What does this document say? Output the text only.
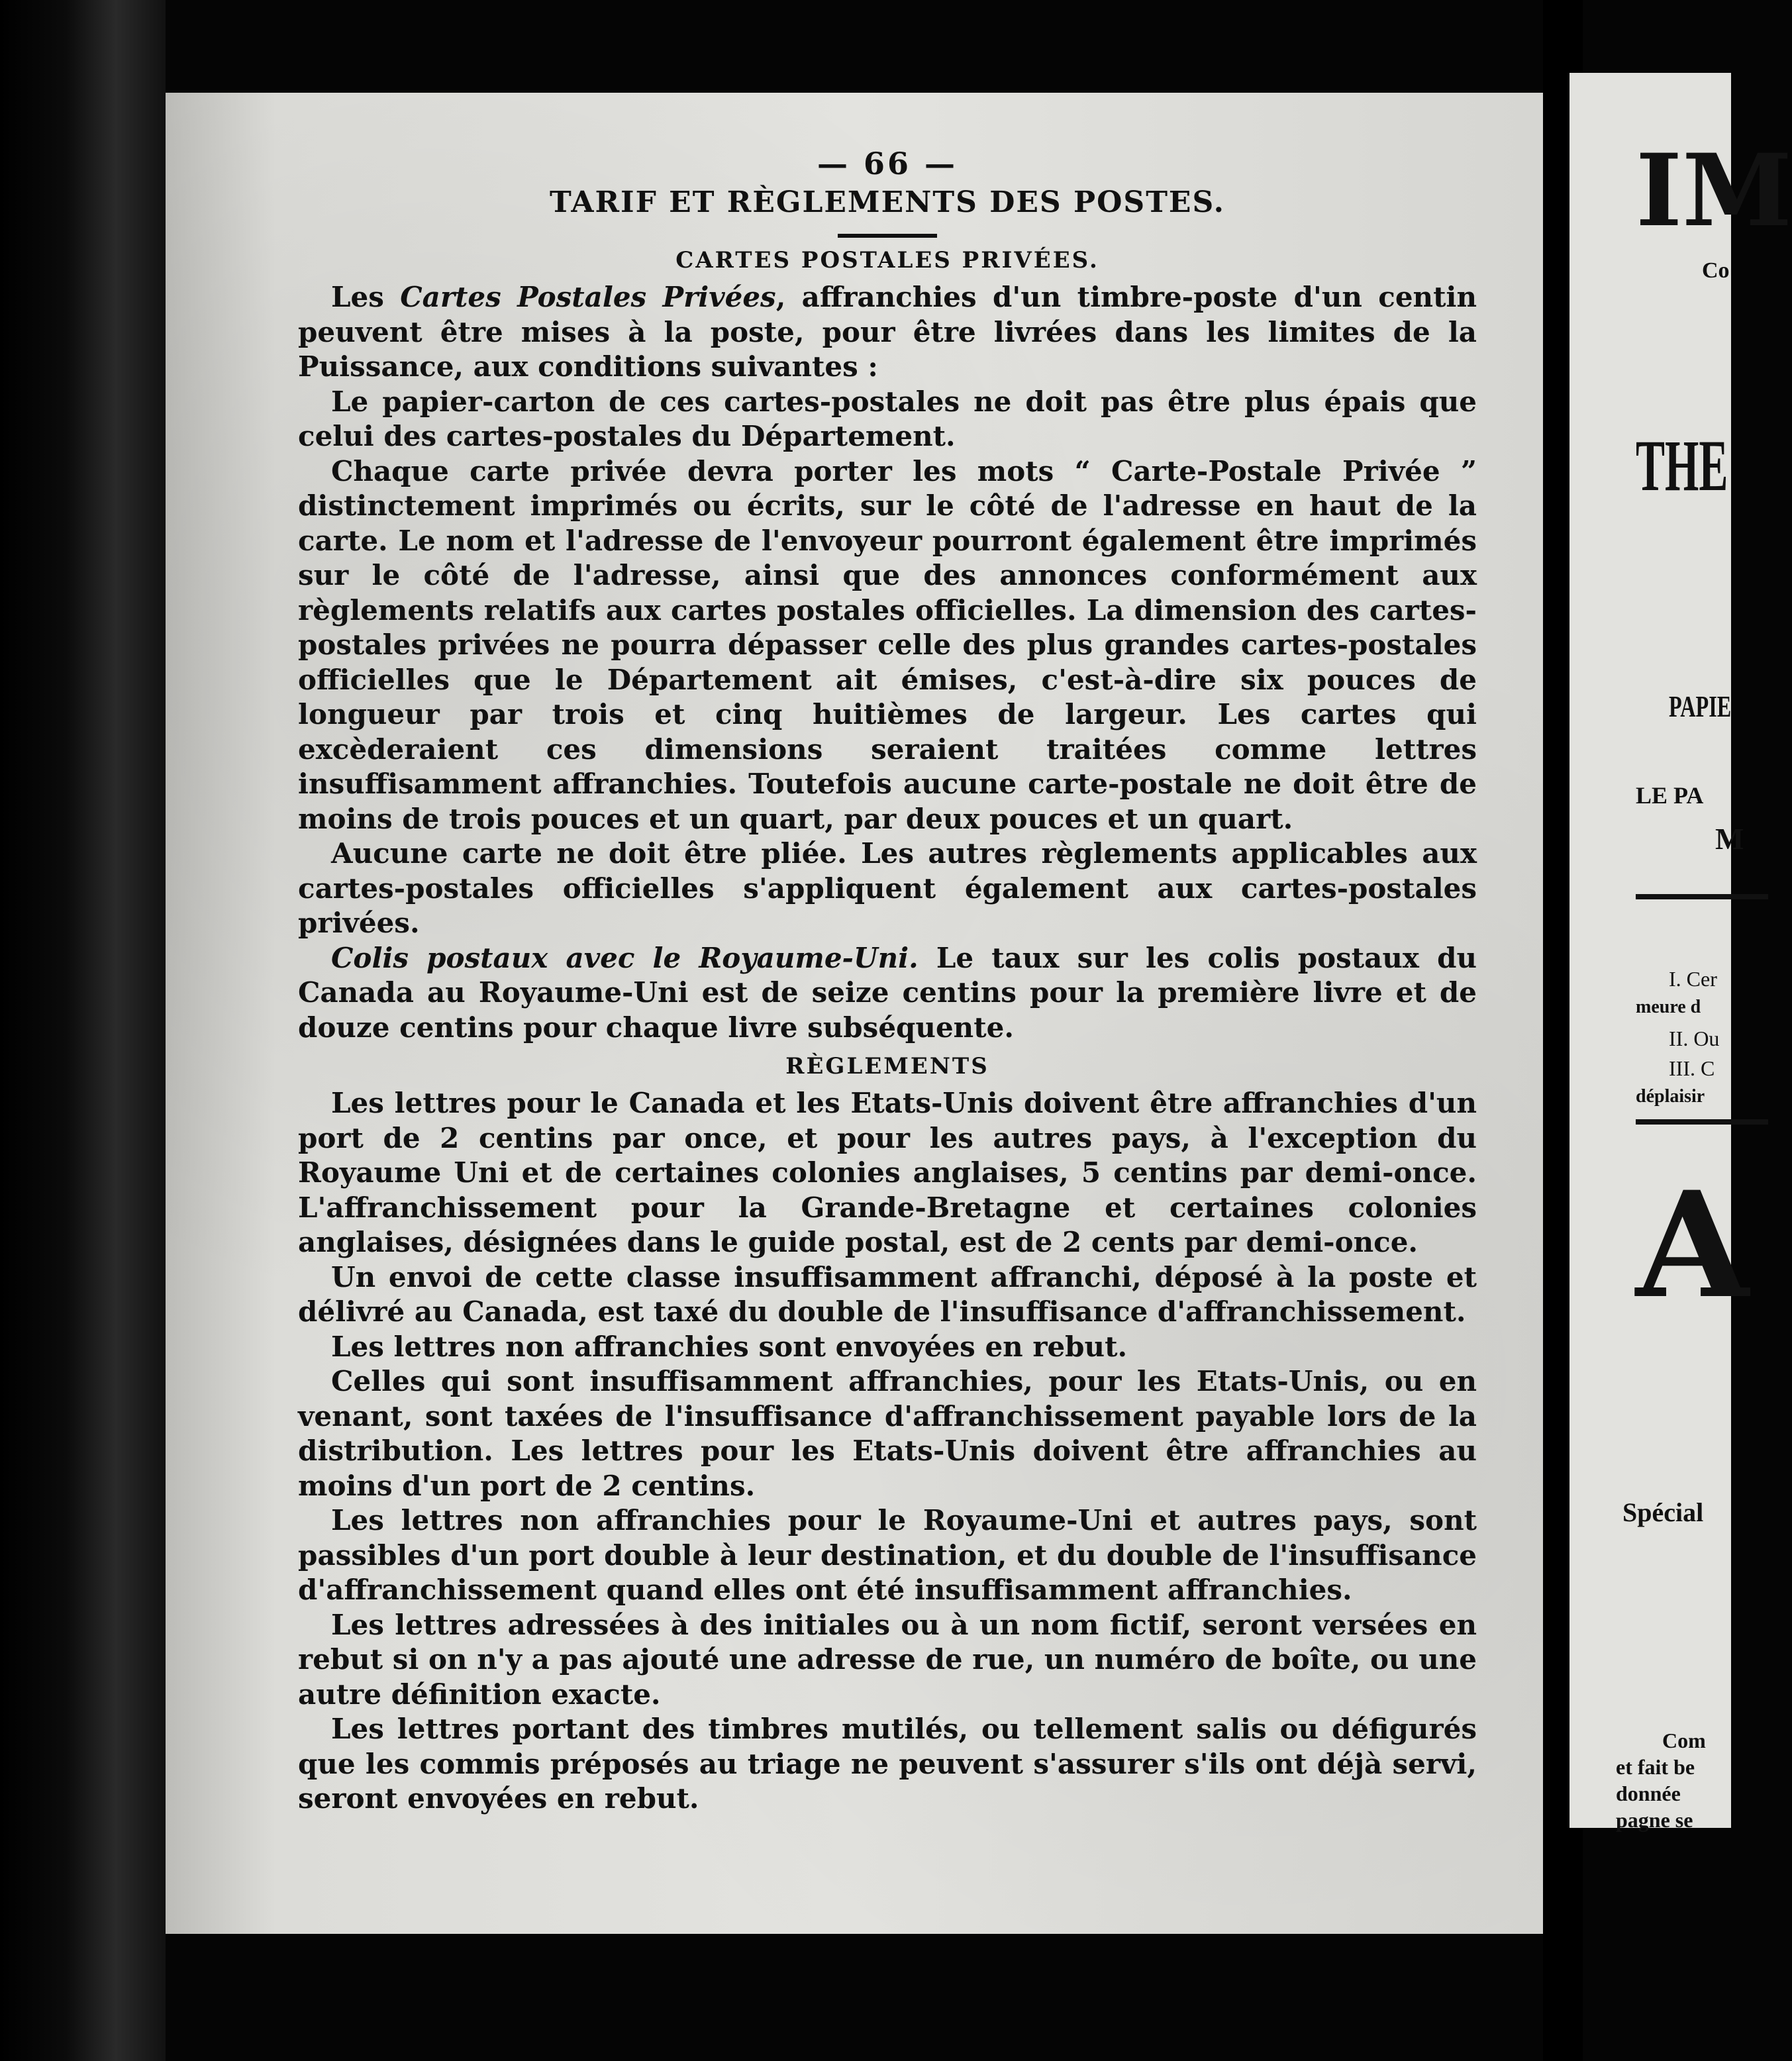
— 66 —
TARIF ET RÈGLEMENTS DES POSTES.
CARTES POSTALES PRIVÉES.

Les Cartes Postales Privées, affranchies d'un timbre-poste d'un centin peuvent être mises à la poste, pour être livrées dans les limites de la Puissance, aux conditions suivantes :

Le papier-carton de ces cartes-postales ne doit pas être plus épais que celui des cartes-postales du Département.

Chaque carte privée devra porter les mots “ Carte-Postale Privée ” distinctement imprimés ou écrits, sur le côté de l'adresse en haut de la carte. Le nom et l'adresse de l'envoyeur pourront également être imprimés sur le côté de l'adresse, ainsi que des annonces conformément aux règlements relatifs aux cartes postales officielles. La dimension des cartes-postales privées ne pourra dépasser celle des plus grandes cartes-postales officielles que le Département ait émises, c'est-à-dire six pouces de longueur par trois et cinq huitièmes de largeur. Les cartes qui excèderaient ces dimensions seraient traitées comme lettres insuffisamment affranchies. Toutefois aucune carte-postale ne doit être de moins de trois pouces et un quart, par deux pouces et un quart.

Aucune carte ne doit être pliée. Les autres règlements applicables aux cartes-postales officielles s'appliquent également aux cartes-postales privées.

Colis postaux avec le Royaume-Uni. Le taux sur les colis postaux du Canada au Royaume-Uni est de seize centins pour la première livre et de douze centins pour chaque livre subséquente.

RÈGLEMENTS

Les lettres pour le Canada et les Etats-Unis doivent être affranchies d'un port de 2 centins par once, et pour les autres pays, à l'exception du Royaume Uni et de certaines colonies anglaises, 5 centins par demi-once. L'affranchissement pour la Grande-Bretagne et certaines colonies anglaises, désignées dans le guide postal, est de 2 cents par demi-once.

Un envoi de cette classe insuffisamment affranchi, déposé à la poste et délivré au Canada, est taxé du double de l'insuffisance d'affranchissement.

Les lettres non affranchies sont envoyées en rebut.

Celles qui sont insuffisamment affranchies, pour les Etats-Unis, ou en venant, sont taxées de l'insuffisance d'affranchissement payable lors de la distribution. Les lettres pour les Etats-Unis doivent être affranchies au moins d'un port de 2 centins.

Les lettres non affranchies pour le Royaume-Uni et autres pays, sont passibles d'un port double à leur destination, et du double de l'insuffisance d'affranchissement quand elles ont été insuffisamment affranchies.

Les lettres adressées à des initiales ou à un nom fictif, seront versées en rebut si on n'y a pas ajouté une adresse de rue, un numéro de boîte, ou une autre définition exacte.

Les lettres portant des timbres mutilés, ou tellement salis ou défigurés que les commis préposés au triage ne peuvent s'assurer s'ils ont déjà servi, seront envoyées en rebut.

IM
Co
THE
PAPIE
LE PA
M
I. Cer
meure d
II. Ou
III. C
déplaisir
A
Spécial
Com
et fait be
donnée
pagne se
